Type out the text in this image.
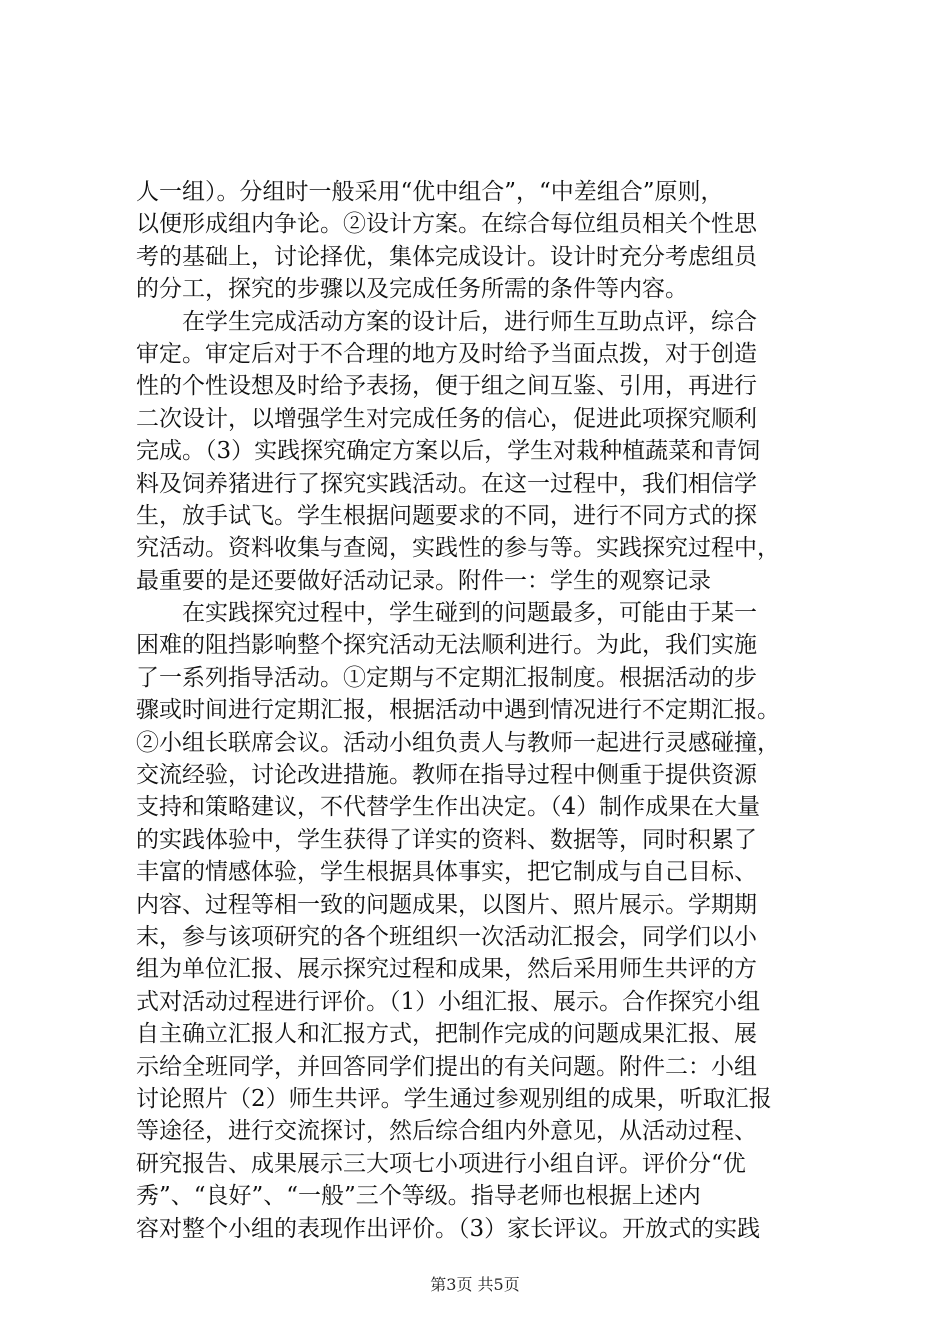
人一组）。分组时一般采用“优中组合”，“中差组合”原则，
以便形成组内争论。②设计方案。在综合每位组员相关个性思
考的基础上，讨论择优，集体完成设计。设计时充分考虑组员
的分工，探究的步骤以及完成任务所需的条件等内容。
在学生完成活动方案的设计后，进行师生互助点评，综合
审定。审定后对于不合理的地方及时给予当面点拨，对于创造
性的个性设想及时给予表扬，便于组之间互鉴、引用，再进行
二次设计，以增强学生对完成任务的信心，促进此项探究顺利
完成。（3）实践探究确定方案以后，学生对栽种植蔬菜和青饲
料及饲养猪进行了探究实践活动。在这一过程中，我们相信学
生，放手试飞。学生根据问题要求的不同，进行不同方式的探
究活动。资料收集与查阅，实践性的参与等。实践探究过程中，
最重要的是还要做好活动记录。附件一：学生的观察记录
在实践探究过程中，学生碰到的问题最多，可能由于某一
困难的阻挡影响整个探究活动无法顺利进行。为此，我们实施
了一系列指导活动。①定期与不定期汇报制度。根据活动的步
骤或时间进行定期汇报，根据活动中遇到情况进行不定期汇报。
②小组长联席会议。活动小组负责人与教师一起进行灵感碰撞，
交流经验，讨论改进措施。教师在指导过程中侧重于提供资源
支持和策略建议，不代替学生作出决定。（4）制作成果在大量
的实践体验中，学生获得了详实的资料、数据等，同时积累了
丰富的情感体验，学生根据具体事实，把它制成与自己目标、
内容、过程等相一致的问题成果，以图片、照片展示。学期期
末，参与该项研究的各个班组织一次活动汇报会，同学们以小
组为单位汇报、展示探究过程和成果，然后采用师生共评的方
式对活动过程进行评价。（1）小组汇报、展示。合作探究小组
自主确立汇报人和汇报方式，把制作完成的问题成果汇报、展
示给全班同学，并回答同学们提出的有关问题。附件二：小组
讨论照片（2）师生共评。学生通过参观别组的成果，听取汇报
等途径，进行交流探讨，然后综合组内外意见，从活动过程、
研究报告、成果展示三大项七小项进行小组自评。评价分“优
秀”、“良好”、“一般”三个等级。指导老师也根据上述内
容对整个小组的表现作出评价。（3）家长评议。开放式的实践
第3页 共5页
